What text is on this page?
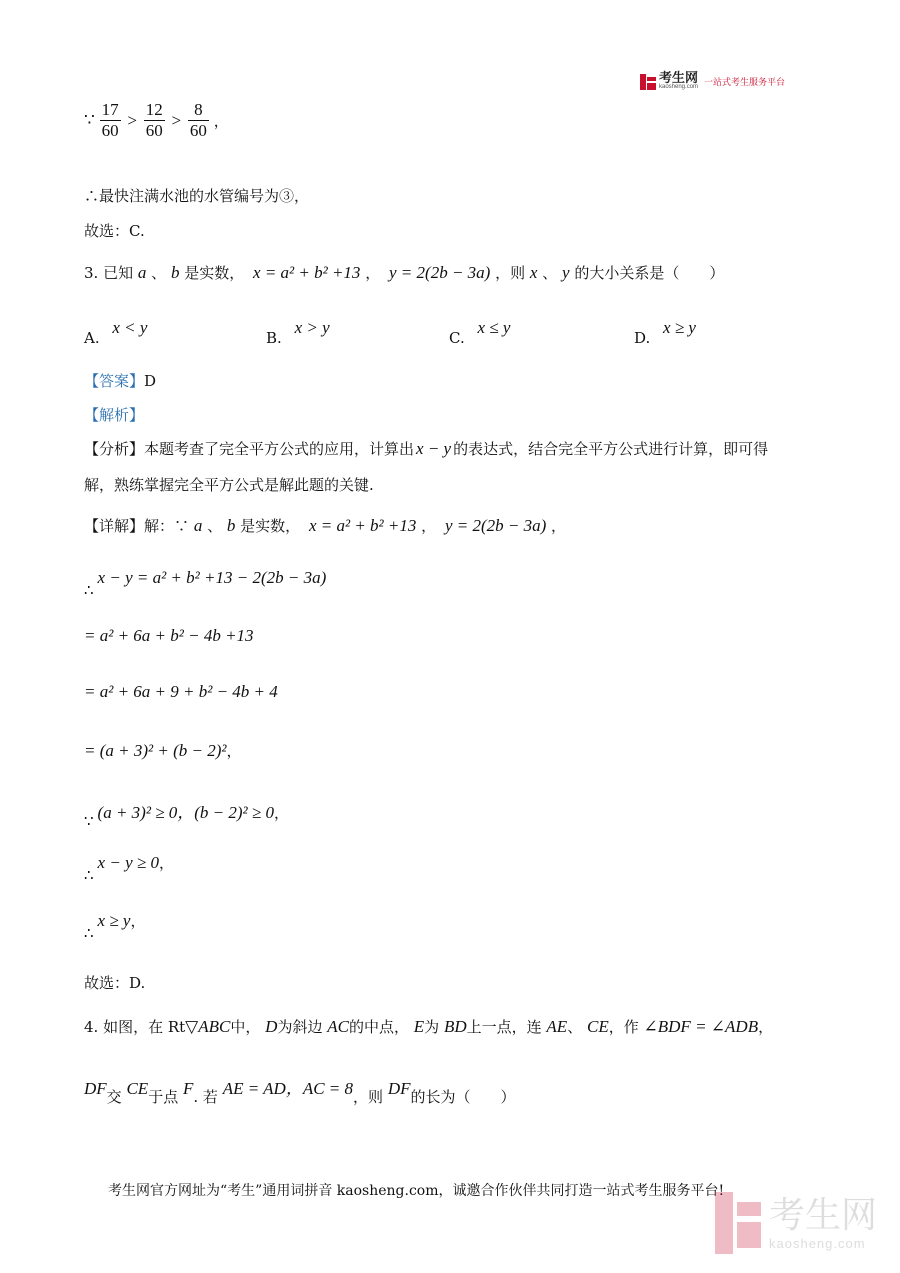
考生网
kaosheng.com 一站式考生服务平台
∵ $\frac{17}{60} > \frac{12}{60} > \frac{8}{60}$ ，
∴最快注满水池的水管编号为③，
故选：C.
3. 已知 a 、 b 是实数， x = a² + b² +13 ， y = 2(2b − 3a) ，则 x 、 y 的大小关系是（　　）
A. x < y
B. x > y
C. x ≤ y
D. x ≥ y
【答案】D
【解析】
【分析】本题考查了完全平方公式的应用，计算出 x − y 的表达式，结合完全平方公式进行计算，即可得
解，熟练掌握完全平方公式是解此题的关键.
【详解】解：∵ a 、 b 是实数， x = a² + b² +13 ， y = 2(2b − 3a) ，
∴x − y = a² + b² +13 − 2(2b − 3a)
= a² + 6a + b² − 4b +13
= a² + 6a + 9 + b² − 4b + 4
= (a + 3)² + (b − 2)²，
∵ (a + 3)² ≥ 0，(b − 2)² ≥ 0，
∴x − y ≥ 0，
∴x ≥ y，
故选：D.
4. 如图，在 Rt▽ABC中， D为斜边 AC的中点， E为 BD上一点，连 AE、 CE，作 ∠BDF = ∠ADB，
DF交 CE于点 F. 若 AE = AD，AC = 8，则 DF的长为（　　）
考生网官方网址为“考生”通用词拼音 kaosheng.com，诚邀合作伙伴共同打造一站式考生服务平台!
考生网
kaosheng.com
